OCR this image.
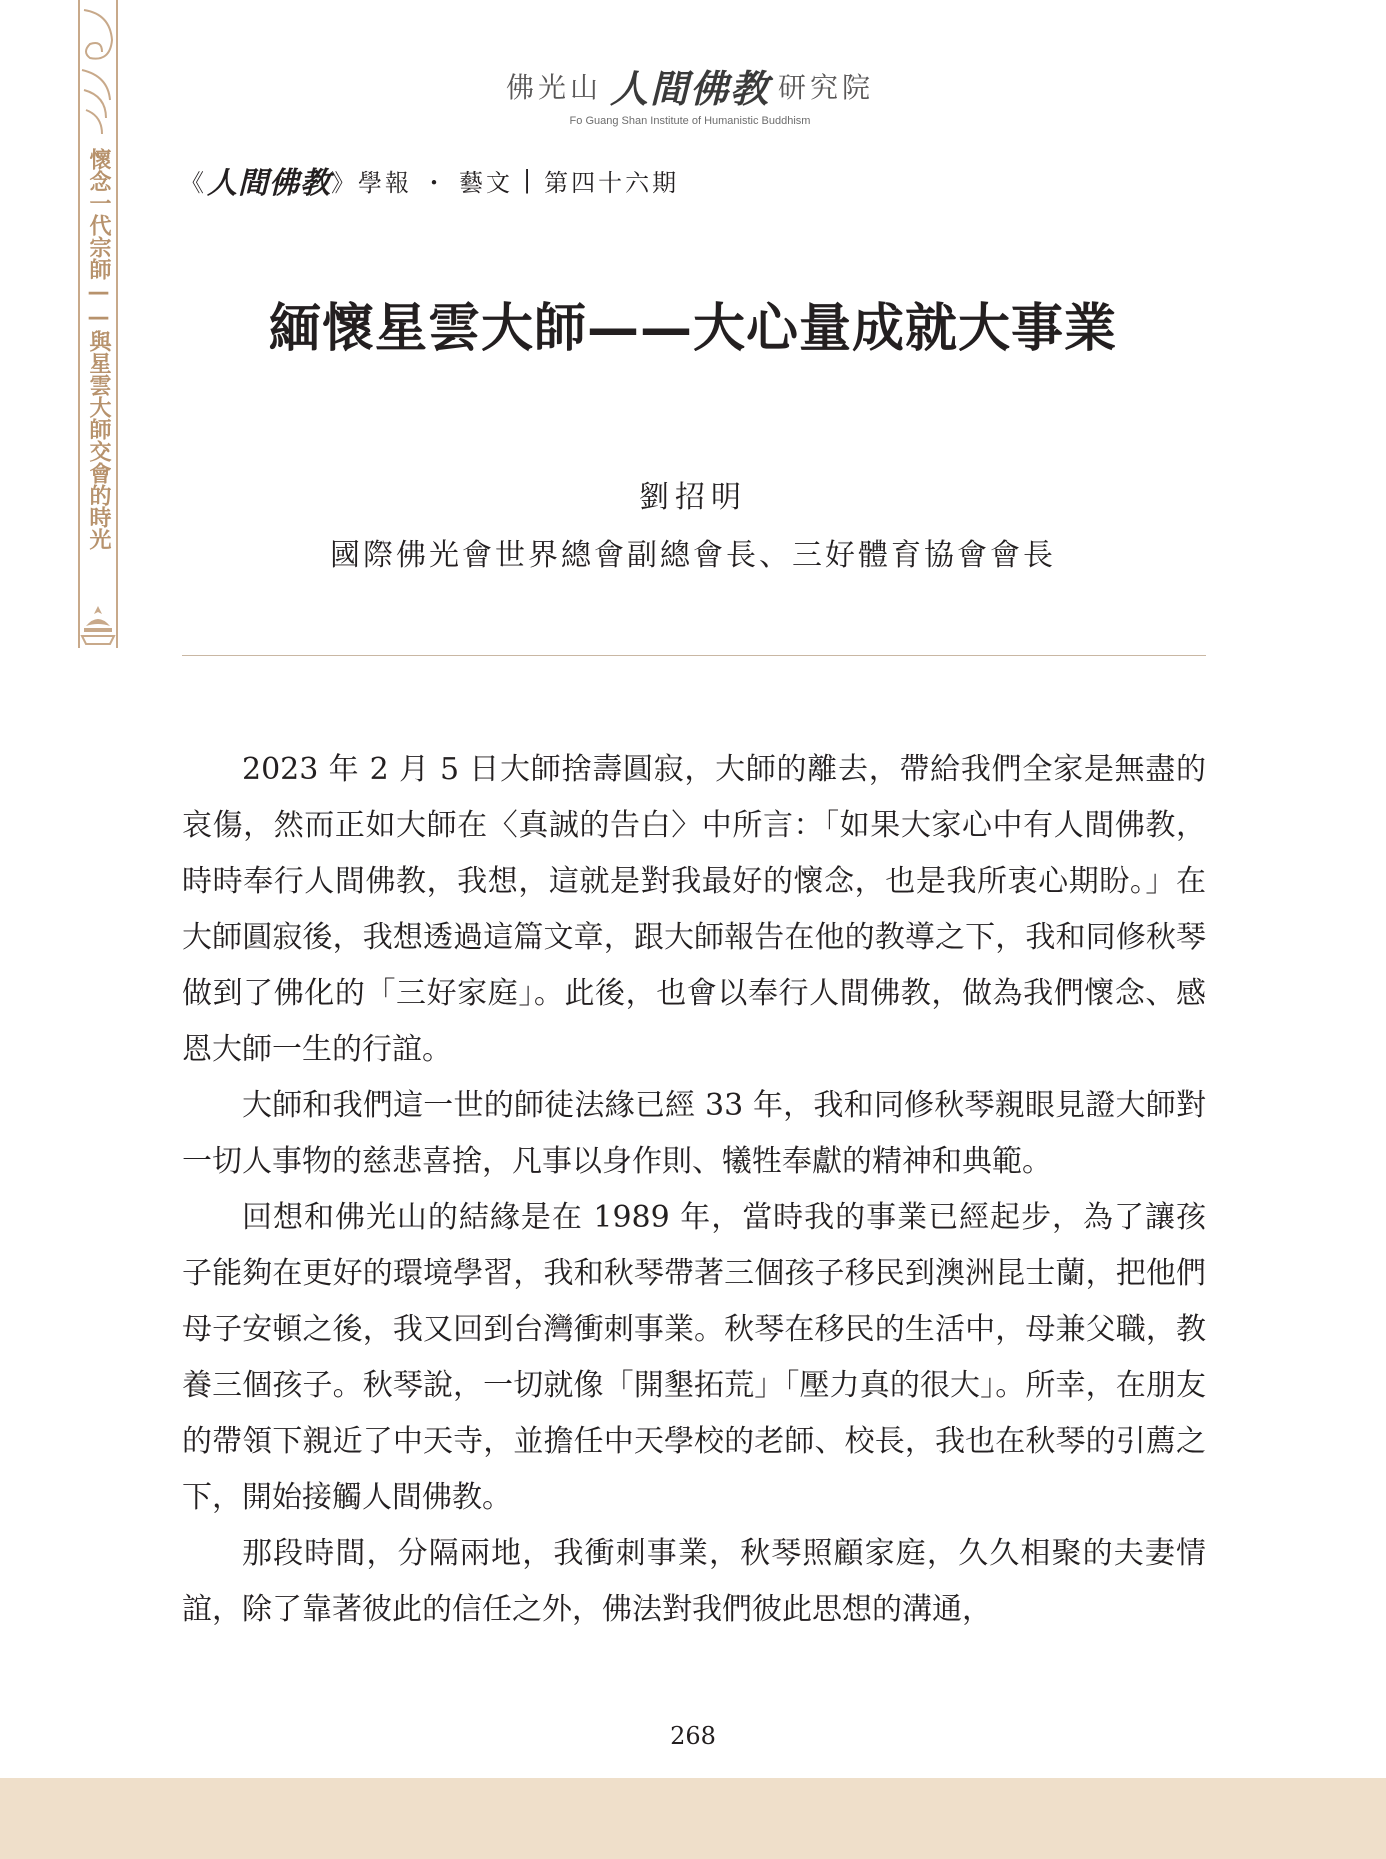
懷念一代宗師——與星雲大師交會的時光
佛光山 人間佛教 研究院
Fo Guang Shan Institute of Humanistic Buddhism
《 人間佛教 》 學報 ・ 藝文 | 第四十六期
緬懷星雲大師——大心量成就大事業
劉招明
國際佛光會世界總會副總會長、三好體育協會會長

2023 年 2 月 5 日大師捨壽圓寂，大師的離去，帶給我們全家是無盡的哀傷，然而正如大師在〈真誠的告白〉中所言：「如果大家心中有人間佛教，時時奉行人間佛教，我想，這就是對我最好的懷念，也是我所衷心期盼。」在大師圓寂後，我想透過這篇文章，跟大師報告在他的教導之下，我和同修秋琴做到了佛化的「三好家庭」。此後，也會以奉行人間佛教，做為我們懷念、感恩大師一生的行誼。

大師和我們這一世的師徒法緣已經 33 年，我和同修秋琴親眼見證大師對一切人事物的慈悲喜捨，凡事以身作則、犧牲奉獻的精神和典範。

回想和佛光山的結緣是在 1989 年，當時我的事業已經起步，為了讓孩子能夠在更好的環境學習，我和秋琴帶著三個孩子移民到澳洲昆士蘭，把他們母子安頓之後，我又回到台灣衝刺事業。秋琴在移民的生活中，母兼父職，教養三個孩子。秋琴說，一切就像「開墾拓荒」「壓力真的很大」。所幸，在朋友的帶領下親近了中天寺，並擔任中天學校的老師、校長，我也在秋琴的引薦之下，開始接觸人間佛教。

那段時間，分隔兩地，我衝刺事業，秋琴照顧家庭，久久相聚的夫妻情誼，除了靠著彼此的信任之外，佛法對我們彼此思想的溝通，

268
